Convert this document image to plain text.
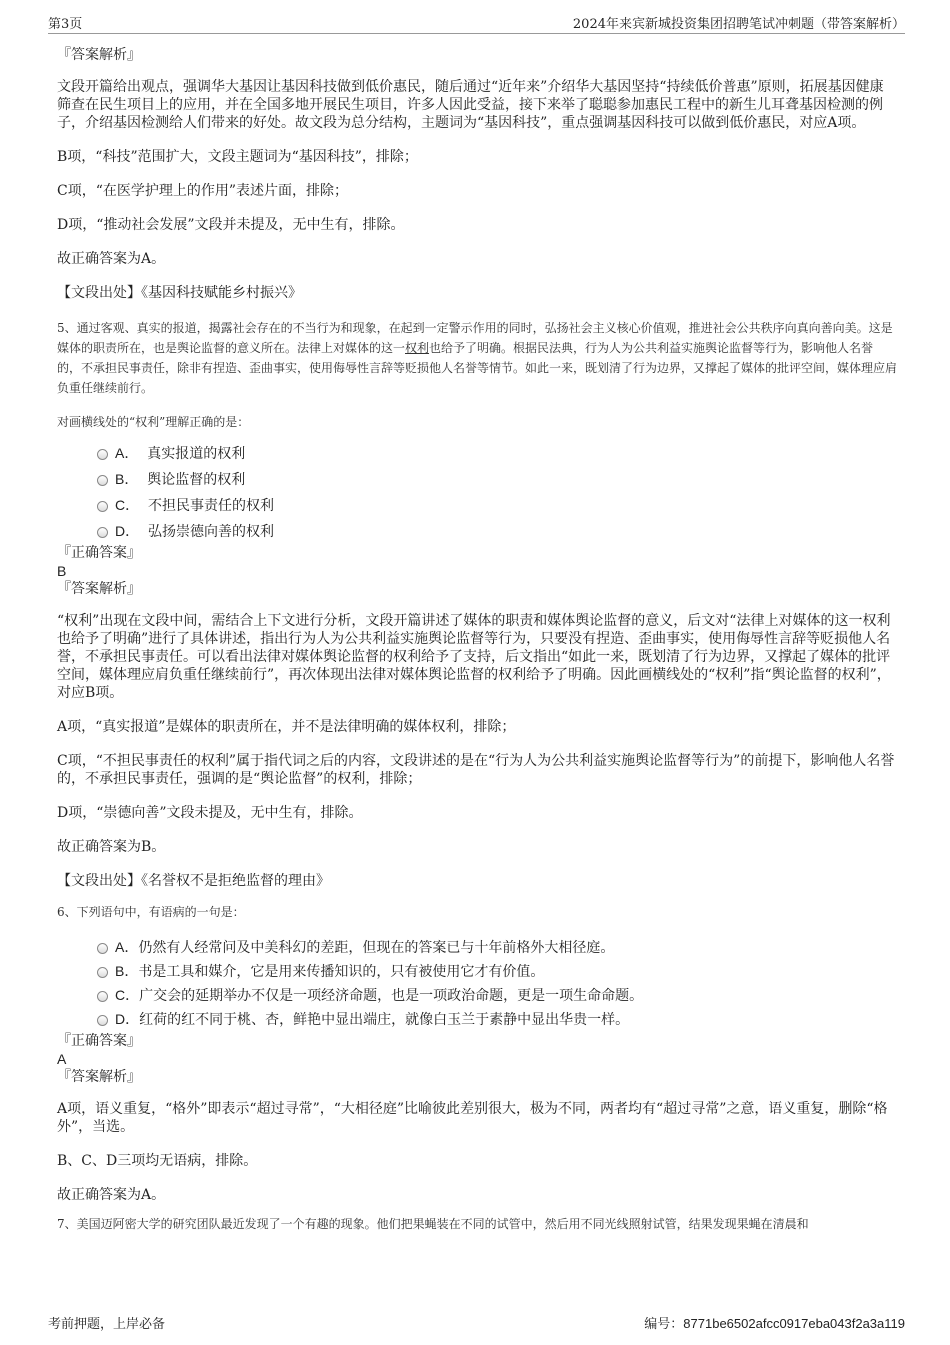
第3页	2024年来宾新城投资集团招聘笔试冲刺题（带答案解析）

『答案解析』

文段开篇给出观点，强调华大基因让基因科技做到低价惠民，随后通过“近年来”介绍华大基因坚持“持续低价普惠”原则，拓展基因健康筛查在民生项目上的应用，并在全国多地开展民生项目，许多人因此受益，接下来举了聪聪参加惠民工程中的新生儿耳聋基因检测的例子，介绍基因检测给人们带来的好处。故文段为总分结构，主题词为“基因科技”，重点强调基因科技可以做到低价惠民，对应A项。

B项，“科技”范围扩大，文段主题词为“基因科技”，排除；

C项，“在医学护理上的作用”表述片面，排除；

D项，“推动社会发展”文段并未提及，无中生有，排除。

故正确答案为A。

【文段出处】《基因科技赋能乡村振兴》

5、通过客观、真实的报道，揭露社会存在的不当行为和现象，在起到一定警示作用的同时，弘扬社会主义核心价值观，推进社会公共秩序向真向善向美。这是媒体的职责所在，也是舆论监督的意义所在。法律上对媒体的这一权利也给予了明确。根据民法典，行为人为公共利益实施舆论监督等行为，影响他人名誉的，不承担民事责任，除非有捏造、歪曲事实，使用侮辱性言辞等贬损他人名誉等情节。如此一来，既划清了行为边界，又撑起了媒体的批评空间，媒体理应肩负重任继续前行。

对画横线处的“权利”理解正确的是：

A． 真实报道的权利
B． 舆论监督的权利
C． 不担民事责任的权利
D． 弘扬崇德向善的权利

『正确答案』

B

『答案解析』

“权利”出现在文段中间，需结合上下文进行分析，文段开篇讲述了媒体的职责和媒体舆论监督的意义，后文对“法律上对媒体的这一权利也给予了明确”进行了具体讲述，指出行为人为公共利益实施舆论监督等行为，只要没有捏造、歪曲事实，使用侮辱性言辞等贬损他人名誉，不承担民事责任。可以看出法律对媒体舆论监督的权利给予了支持，后文指出“如此一来，既划清了行为边界，又撑起了媒体的批评空间，媒体理应肩负重任继续前行”，再次体现出法律对媒体舆论监督的权利给予了明确。因此画横线处的“权利”指“舆论监督的权利”，对应B项。

A项，“真实报道”是媒体的职责所在，并不是法律明确的媒体权利，排除；

C项，“不担民事责任的权利”属于指代词之后的内容，文段讲述的是在“行为人为公共利益实施舆论监督等行为”的前提下，影响他人名誉的，不承担民事责任，强调的是“舆论监督”的权利，排除；

D项，“崇德向善”文段未提及，无中生有，排除。

故正确答案为B。

【文段出处】《名誉权不是拒绝监督的理由》

6、下列语句中，有语病的一句是：

A．仍然有人经常问及中美科幻的差距，但现在的答案已与十年前格外大相径庭。
B．书是工具和媒介，它是用来传播知识的，只有被使用它才有价值。
C．广交会的延期举办不仅是一项经济命题，也是一项政治命题，更是一项生命命题。
D．红荷的红不同于桃、杏，鲜艳中显出端庄，就像白玉兰于素静中显出华贵一样。

『正确答案』

A

『答案解析』

A项，语义重复，“格外”即表示“超过寻常”，“大相径庭”比喻彼此差别很大，极为不同，两者均有“超过寻常”之意，语义重复，删除“格外”，当选。

B、C、D三项均无语病，排除。

故正确答案为A。

7、美国迈阿密大学的研究团队最近发现了一个有趣的现象。他们把果蝇装在不同的试管中，然后用不同光线照射试管，结果发现果蝇在清晨和

考前押题，上岸必备	编号：8771be6502afcc0917eba043f2a3a119
